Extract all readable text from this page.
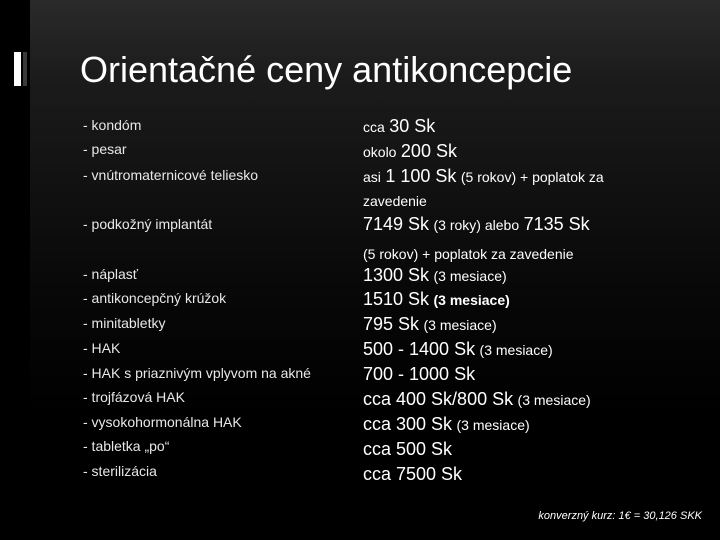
Orientačné ceny antikoncepcie
- kondóm
- pesar
- vnútromaternicové teliesko
- podkožný implantát
- náplasť
- antikoncepčný krúžok
- minitabletky
- HAK
- HAK s priaznivým vplyvom na akné
- trojfázová HAK
- vysokohormonálna HAK
- tabletka „po“
- sterilizácia
cca 30 Sk
okolo 200 Sk
asi 1 100 Sk (5 rokov) + poplatok za
zavedenie
7149 Sk (3 roky) alebo 7135 Sk
(5 rokov) + poplatok za zavedenie
1300 Sk (3 mesiace)
1510 Sk (3 mesiace)
795 Sk (3 mesiace)
500 - 1400 Sk (3 mesiace)
700 - 1000 Sk
cca 400 Sk/800 Sk (3 mesiace)
cca 300 Sk (3 mesiace)
cca 500 Sk
cca 7500 Sk
konverzný kurz: 1€ = 30,126 SKK
